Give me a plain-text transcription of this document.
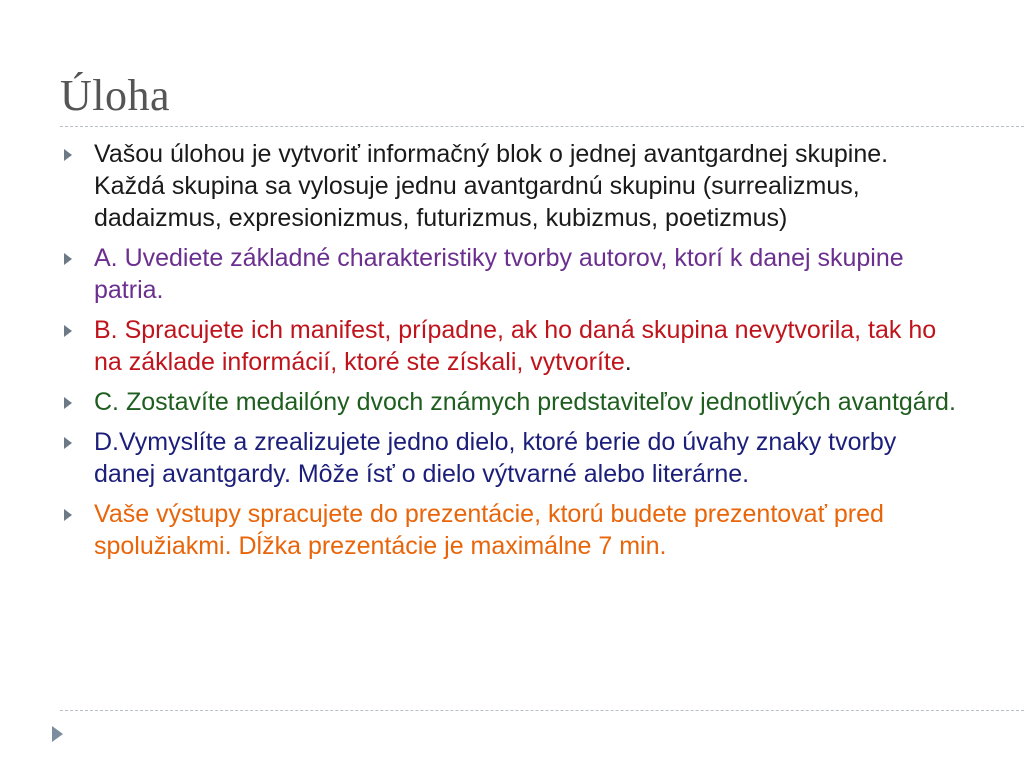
Úloha
Vašou úlohou je vytvoriť informačný blok o jednej avantgardnej skupine. Každá skupina sa vylosuje jednu avantgardnú skupinu (surrealizmus, dadaizmus, expresionizmus, futurizmus, kubizmus, poetizmus)
A. Uvediete základné charakteristiky tvorby autorov, ktorí k danej skupine patria.
B. Spracujete ich manifest, prípadne, ak ho daná skupina nevytvorila, tak ho na základe informácií, ktoré ste získali, vytvoríte.
C. Zostavíte medailóny dvoch známych predstaviteľov jednotlivých avantgárd.
D.Vymyslíte a zrealizujete jedno dielo, ktoré berie do úvahy znaky tvorby danej avantgardy. Môže ísť o dielo výtvarné alebo literárne.
Vaše výstupy spracujete do prezentácie, ktorú budete prezentovať pred spolužiakmi. Dĺžka prezentácie je maximálne 7 min.
